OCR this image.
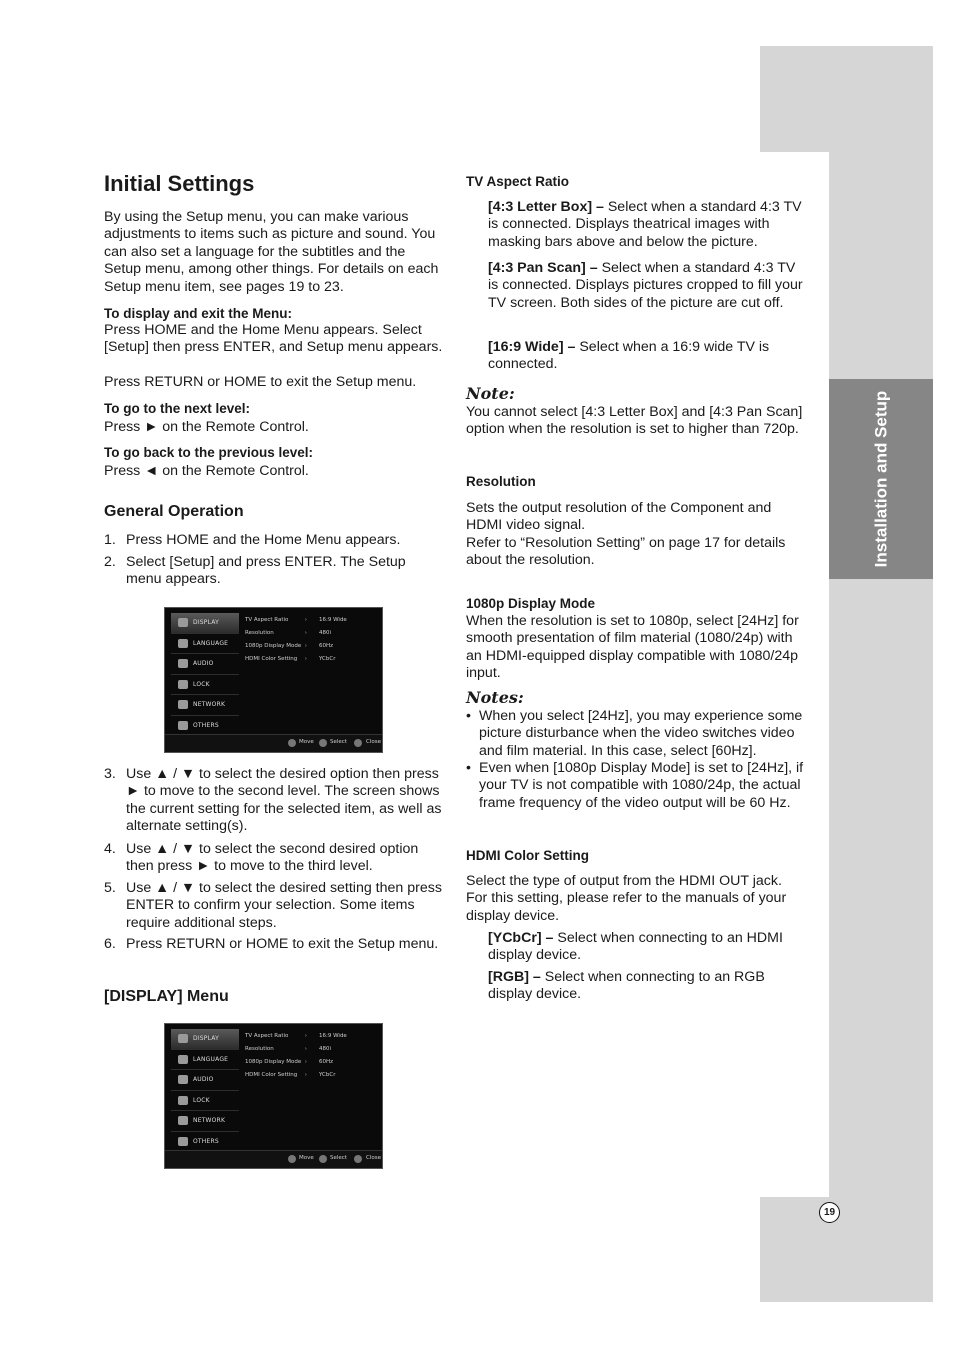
Installation and Setup
19
Initial Settings

By using the Setup menu, you can make various adjustments to items such as picture and sound. You can also set a language for the subtitles and the Setup menu, among other things. For details on each Setup menu item, see pages 19 to 23.

To display and exit the Menu:

Press HOME and the Home Menu appears. Select [Setup] then press ENTER, and Setup menu appears.

Press RETURN or HOME to exit the Setup menu.

To go to the next level:

Press ► on the Remote Control.

To go back to the previous level:

Press ◄ on the Remote Control.

General Operation
1. Press HOME and the Home Menu appears.

2. Select [Setup] and press ENTER. The Setup menu appears.

3. Use ▲ / ▼ to select the desired option then press ► to move to the second level. The screen shows the current setting for the selected item, as well as alternate setting(s).

4. Use ▲ / ▼ to select the second desired option then press ► to move to the third level.

5. Use ▲ / ▼ to select the desired setting then press ENTER to confirm your selection. Some items require additional steps.

6. Press RETURN or HOME to exit the Setup menu.

[DISPLAY] Menu
DISPLAY
LANGUAGE
AUDIO
LOCK
NETWORK
OTHERS
TV Aspect Ratio	› 16:9 Wide
Resolution	› 480i
1080p Display Mode › 60Hz
HDMI Color Setting › YCbCr
Move	Select	Close
DISPLAY
LANGUAGE
AUDIO
LOCK
NETWORK
OTHERS
TV Aspect Ratio	› 16:9 Wide
Resolution	› 480i
1080p Display Mode › 60Hz
HDMI Color Setting › YCbCr
Move	Select	Close
TV Aspect Ratio

[4:3 Letter Box] – Select when a standard 4:3 TV is connected. Displays theatrical images with masking bars above and below the picture.

[4:3 Pan Scan] – Select when a standard 4:3 TV is connected. Displays pictures cropped to fill your TV screen. Both sides of the picture are cut off.

[16:9 Wide] – Select when a 16:9 wide TV is connected.

Note:

You cannot select [4:3 Letter Box] and [4:3 Pan Scan] option when the resolution is set to higher than 720p.

Resolution

Sets the output resolution of the Component and HDMI video signal.

Refer to “Resolution Setting” on page 17 for details about the resolution.

1080p Display Mode

When the resolution is set to 1080p, select [24Hz] for smooth presentation of film material (1080/24p) with an HDMI-equipped display compatible with 1080/24p input.

Notes:
• When you select [24Hz], you may experience some picture disturbance when the video switches video and film material. In this case, select [60Hz].

• Even when [1080p Display Mode] is set to [24Hz], if your TV is not compatible with 1080/24p, the actual frame frequency of the video output will be 60 Hz.

HDMI Color Setting

Select the type of output from the HDMI OUT jack. For this setting, please refer to the manuals of your display device.

[YCbCr] – Select when connecting to an HDMI display device.

[RGB] – Select when connecting to an RGB display device.
